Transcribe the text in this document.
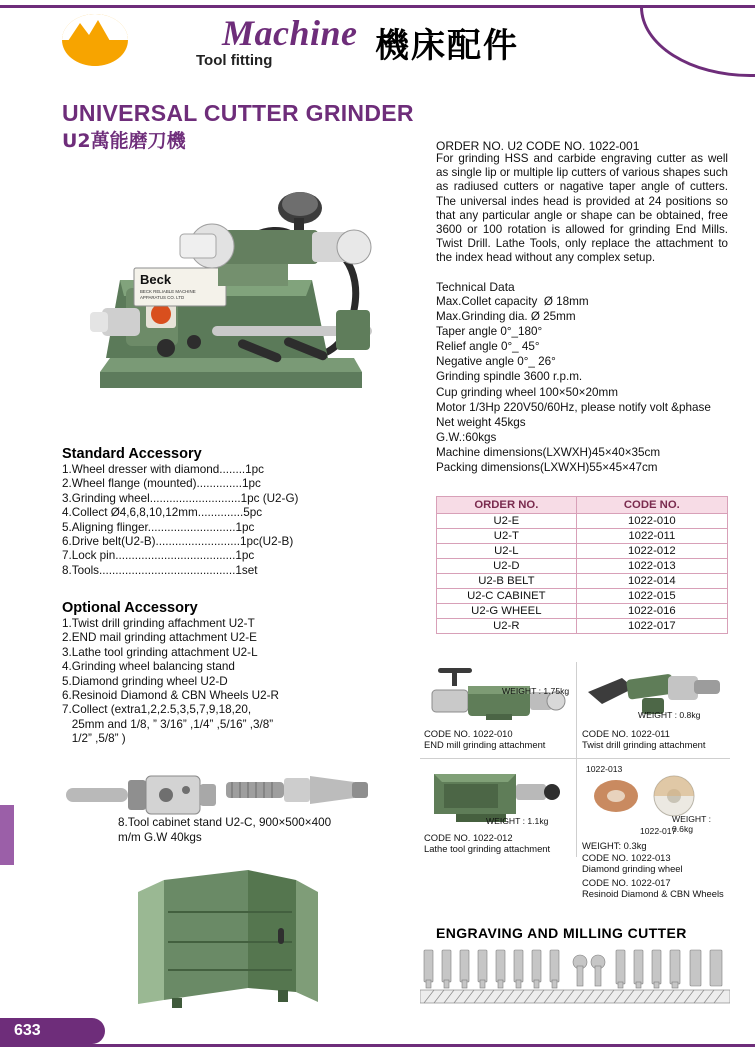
Machine
Tool fitting	機床配件
UNIVERSAL CUTTER GRINDER
U2萬能磨刀機
Beck
BECK RELIABLE MACHINE
APPARATUS CO. LTD
Standard Accessory
1.Wheel dresser with diamond........1pc
2.Wheel flange (mounted)..............1pc
3.Grinding wheel............................1pc (U2-G)
4.Collect Ø4,6,8,10,12mm..............5pc
5.Aligning flinger...........................1pc
6.Drive belt(U2-B)..........................1pc(U2-B)
7.Lock pin.....................................1pc
8.Tools..........................................1set
Optional Accessory
1.Twist drill grinding affachment U2-T
2.END mail grinding attachment U2-E
3.Lathe tool grinding attachment U2-L
4.Grinding wheel balancing stand
5.Diamond grinding wheel U2-D
6.Resinoid Diamond & CBN Wheels U2-R
7.Collect (extra1,2,2.5,3,5,7,9,18,20,
25mm and 1/8, ” 3/16” ,1/4” ,5/16” ,3/8”
1/2” ,5/8” )
8.Tool cabinet stand U2-C, 900×500×400
m/m G.W 40kgs
ORDER NO. U2 CODE NO. 1022-001
For grinding HSS and carbide engraving cutter as well as single lip or multiple lip cutters of various shapes such as radiused cutters or nagative taper angle of cutters. The universal indes head is provided at 24 positions so that any particular angle or shape can be obtained, free 3600 or 100 rotation is allowed for grinding End Mills. Twist Drill. Lathe Tools, only replace the attachment to the index head without any complex setup.
Technical Data
Max.Collet capacity  Ø 18mm
Max.Grinding dia. Ø 25mm
Taper angle 0°_180°
Relief angle 0°_ 45°
Negative angle 0°_ 26°
Grinding spindle 3600 r.p.m.
Cup grinding wheel 100×50×20mm
Motor 1/3Hp 220V50/60Hz, please notify volt &phase
Net weight 45kgs
G.W.:60kgs
Machine dimensions(LXWXH)45×40×35cm
Packing dimensions(LXWXH)55×45×47cm
ORDER NO.	CODE NO.
U2-E	1022-010
U2-T	1022-011
U2-L	1022-012
U2-D	1022-013
U2-B BELT	1022-014
U2-C CABINET	1022-015
U2-G WHEEL	1022-016
U2-R	1022-017
WEIGHT : 1.75kg
CODE NO. 1022-010
END mill grinding attachment
WEIGHT : 0.8kg
CODE NO. 1022-011
Twist drill grinding attachment
WEIGHT : 1.1kg
CODE NO. 1022-012
Lathe tool grinding attachment
1022-013
WEIGHT : 0.6kg
1022-017
WEIGHT: 0.3kg
CODE NO. 1022-013
Diamond grinding wheel
CODE NO. 1022-017
Resinoid Diamond & CBN Wheels
ENGRAVING AND MILLING CUTTER
633
